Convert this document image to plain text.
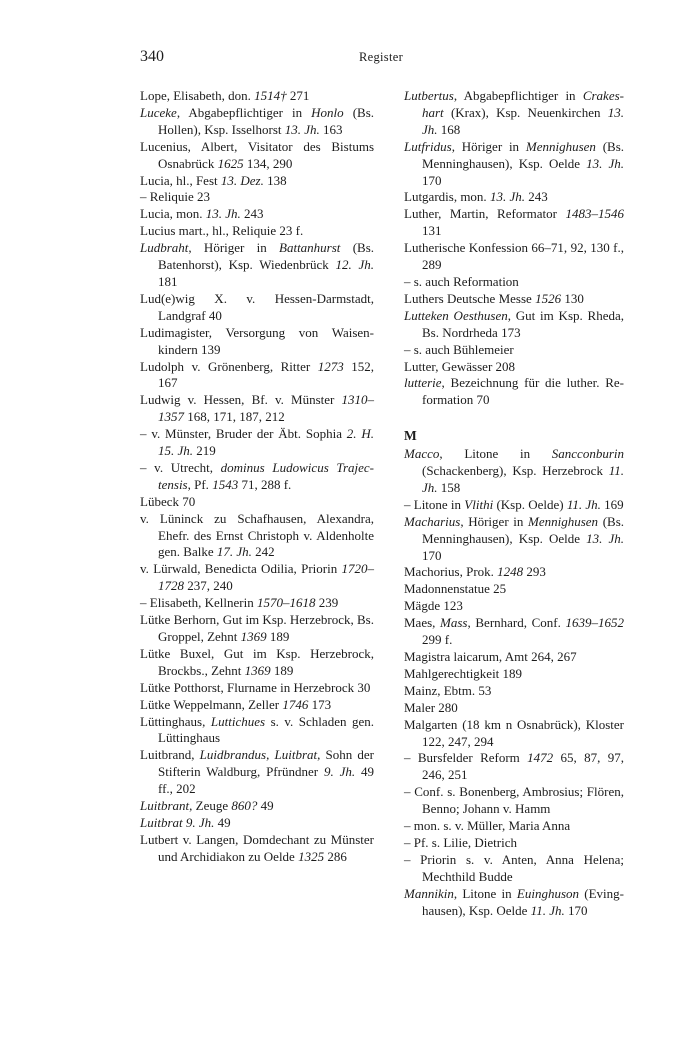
340	Register

Lope, Elisabeth, don. 1514† 271

Luceke, Abgabepflichtiger in Honlo (Bs. Hollen), Ksp. Isselhorst 13. Jh. 163

Lucenius, Albert, Visitator des Bistums Osnabrück 1625 134, 290

Lucia, hl., Fest 13. Dez. 138

– Reliquie 23

Lucia, mon. 13. Jh. 243

Lucius mart., hl., Reliquie 23 f.

Ludbraht, Höriger in Battanhurst (Bs. Batenhorst), Ksp. Wiedenbrück 12. Jh. 181

Lud(e)wig X. v. Hessen-Darmstadt, Landgraf 40

Ludimagister, Versorgung von Waisenkindern 139

Ludolph v. Grönenberg, Ritter 1273 152, 167

Ludwig v. Hessen, Bf. v. Münster 1310–1357 168, 171, 187, 212

– v. Münster, Bruder der Äbt. Sophia 2. H. 15. Jh. 219

– v. Utrecht, dominus Ludowicus Trajectensis, Pf. 1543 71, 288 f.

Lübeck 70

v. Lüninck zu Schafhausen, Alexandra, Ehefr. des Ernst Christoph v. Aldenholte gen. Balke 17. Jh. 242

v. Lürwald, Benedicta Odilia, Priorin 1720–1728 237, 240

– Elisabeth, Kellnerin 1570–1618 239

Lütke Berhorn, Gut im Ksp. Herzebrock, Bs. Groppel, Zehnt 1369 189

Lütke Buxel, Gut im Ksp. Herzebrock, Brockbs., Zehnt 1369 189

Lütke Potthorst, Flurname in Herzebrock 30

Lütke Weppelmann, Zeller 1746 173

Lüttinghaus, Luttichues s. v. Schladen gen. Lüttinghaus

Luitbrand, Luidbrandus, Luitbrat, Sohn der Stifterin Waldburg, Pfründner 9. Jh. 49 ff., 202

Luitbrant, Zeuge 860? 49

Luitbrat 9. Jh. 49

Lutbert v. Langen, Domdechant zu Münster und Archidiakon zu Oelde 1325 286

Lutbertus, Abgabepflichtiger in Crakeshart (Krax), Ksp. Neuenkirchen 13. Jh. 168

Lutfridus, Höriger in Mennighusen (Bs. Menninghausen), Ksp. Oelde 13. Jh. 170

Lutgardis, mon. 13. Jh. 243

Luther, Martin, Reformator 1483–1546 131

Lutherische Konfession 66–71, 92, 130 f., 289

– s. auch Reformation

Luthers Deutsche Messe 1526 130

Lutteken Oesthusen, Gut im Ksp. Rheda, Bs. Nordrheda 173

– s. auch Bühlemeier

Lutter, Gewässer 208

lutterie, Bezeichnung für die luther. Reformation 70

M

Macco, Litone in Sancconburin (Schackenberg), Ksp. Herzebrock 11. Jh. 158

– Litone in Vlithi (Ksp. Oelde) 11. Jh. 169

Macharius, Höriger in Mennighusen (Bs. Menninghausen), Ksp. Oelde 13. Jh. 170

Machorius, Prok. 1248 293

Madonnenstatue 25

Mägde 123

Maes, Mass, Bernhard, Conf. 1639–1652 299 f.

Magistra laicarum, Amt 264, 267

Mahlgerechtigkeit 189

Mainz, Ebtm. 53

Maler 280

Malgarten (18 km n Osnabrück), Kloster 122, 247, 294

– Bursfelder Reform 1472 65, 87, 97, 246, 251

– Conf. s. Bonenberg, Ambrosius; Flören, Benno; Johann v. Hamm

– mon. s. v. Müller, Maria Anna

– Pf. s. Lilie, Dietrich

– Priorin s. v. Anten, Anna Helena; Mechthild Budde

Mannikin, Litone in Euinghuson (Evinghausen), Ksp. Oelde 11. Jh. 170
